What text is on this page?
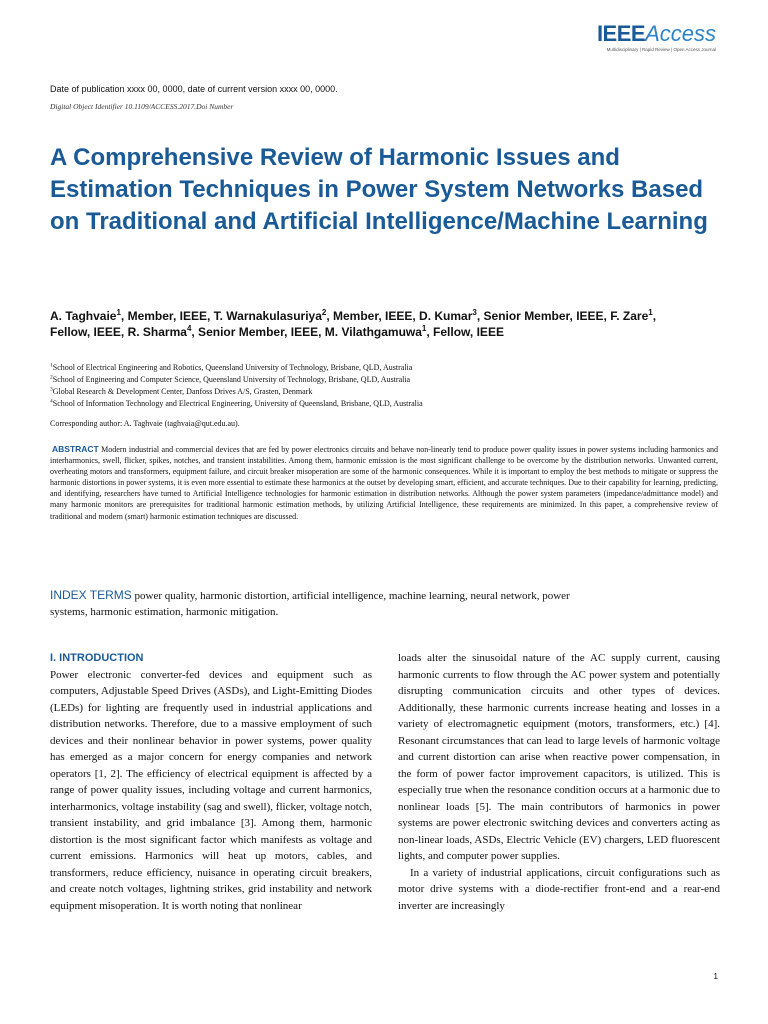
IEEEAccess
Multidisciplinary | Rapid Review | Open Access Journal
Date of publication xxxx 00, 0000, date of current version xxxx 00, 0000.
Digital Object Identifier 10.1109/ACCESS.2017.Doi Number
A Comprehensive Review of Harmonic Issues and Estimation Techniques in Power System Networks Based on Traditional and Artificial Intelligence/Machine Learning
A. Taghvaie$^1$, Member, IEEE, T. Warnakulasuriya$^2$, Member, IEEE, D. Kumar$^3$, Senior Member, IEEE, F. Zare$^1$, Fellow, IEEE, R. Sharma$^4$, Senior Member, IEEE, M. Vilathgamuwa$^1$, Fellow, IEEE
$^1$School of Electrical Engineering and Robotics, Queensland University of Technology, Brisbane, QLD, Australia
$^2$School of Engineering and Computer Science, Queensland University of Technology, Brisbane, QLD, Australia
$^3$Global Research & Development Center, Danfoss Drives A/S, Grasten, Denmark
$^4$School of Information Technology and Electrical Engineering, University of Queensland, Brisbane, QLD, Australia
Corresponding author: A. Taghvaie (taghvaia@qut.edu.au).
ABSTRACT Modern industrial and commercial devices that are fed by power electronics circuits and behave non-linearly tend to produce power quality issues in power systems including harmonics and interharmonics, swell, flicker, spikes, notches, and transient instabilities. Among them, harmonic emission is the most significant challenge to be overcome by the distribution networks. Unwanted current, overheating motors and transformers, equipment failure, and circuit breaker misoperation are some of the harmonic consequences. While it is important to employ the best methods to mitigate or suppress the harmonic distortions in power systems, it is even more essential to estimate these harmonics at the outset by developing smart, efficient, and accurate techniques. Due to their capability for learning, predicting, and identifying, researchers have turned to Artificial Intelligence technologies for harmonic estimation in distribution networks. Although the power system parameters (impedance/admittance model) and many harmonic monitors are prerequisites for traditional harmonic estimation methods, by utilizing Artificial Intelligence, these requirements are minimized. In this paper, a comprehensive review of traditional and modern (smart) harmonic estimation techniques are discussed.
INDEX TERMS power quality, harmonic distortion, artificial intelligence, machine learning, neural network, power systems, harmonic estimation, harmonic mitigation.
I. INTRODUCTION

Power electronic converter-fed devices and equipment such as computers, Adjustable Speed Drives (ASDs), and Light-Emitting Diodes (LEDs) for lighting are frequently used in industrial applications and distribution networks. Therefore, due to a massive employment of such devices and their nonlinear behavior in power systems, power quality has emerged as a major concern for energy companies and network operators [1, 2]. The efficiency of electrical equipment is affected by a range of power quality issues, including voltage and current harmonics, interharmonics, voltage instability (sag and swell), flicker, voltage notch, transient instability, and grid imbalance [3]. Among them, harmonic distortion is the most significant factor which manifests as voltage and current emissions. Harmonics will heat up motors, cables, and transformers, reduce efficiency, nuisance in operating circuit breakers, and create notch voltages, lightning strikes, grid instability and network equipment misoperation. It is worth noting that nonlinear

loads alter the sinusoidal nature of the AC supply current, causing harmonic currents to flow through the AC power system and potentially disrupting communication circuits and other types of devices. Additionally, these harmonic currents increase heating and losses in a variety of electromagnetic equipment (motors, transformers, etc.) [4]. Resonant circumstances that can lead to large levels of harmonic voltage and current distortion can arise when reactive power compensation, in the form of power factor improvement capacitors, is utilized. This is especially true when the resonance condition occurs at a harmonic due to nonlinear loads [5]. The main contributors of harmonics in power systems are power electronic switching devices and converters acting as non-linear loads, ASDs, Electric Vehicle (EV) chargers, LED fluorescent lights, and computer power supplies.

In a variety of industrial applications, circuit configurations such as motor drive systems with a diode-rectifier front-end and a rear-end inverter are increasingly

1
